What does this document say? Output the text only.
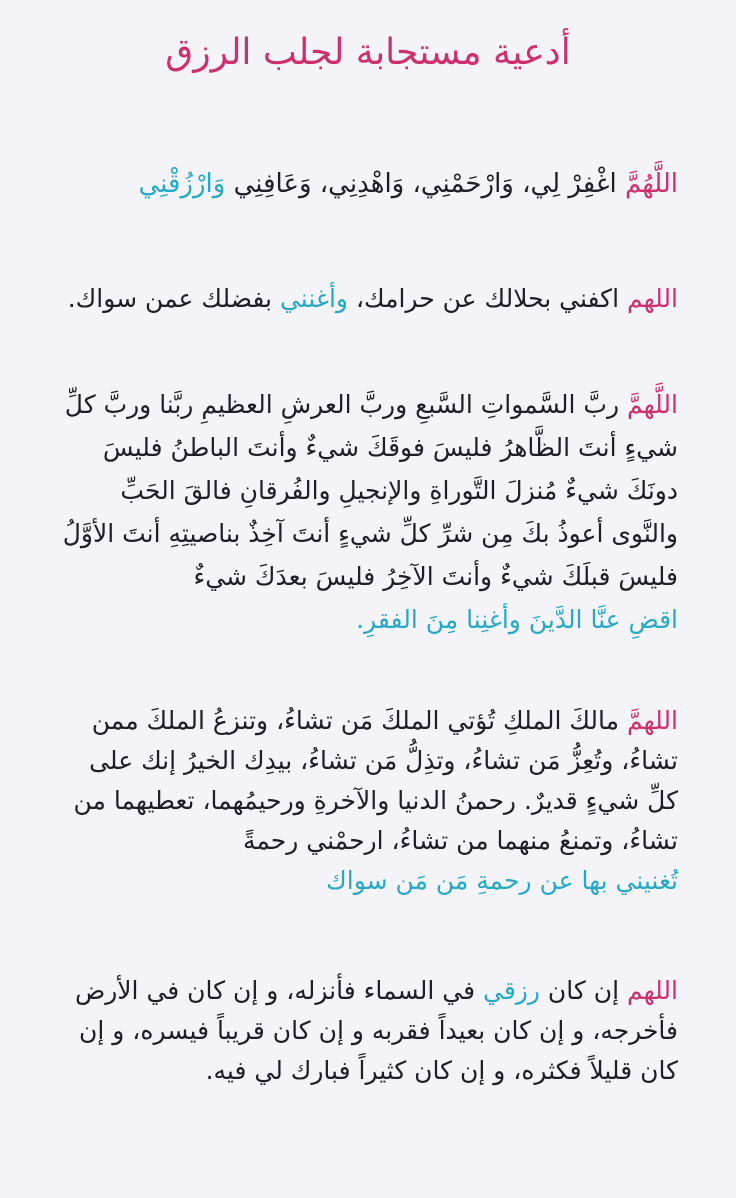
أدعية مستجابة لجلب الرزق

اللَّهُمَّ اغْفِرْ لِي، وَارْحَمْنِي، وَاهْدِنِي، وَعَافِنِي وَارْزُقْنِي

اللهم اكفني بحلالك عن حرامك، وأغنني بفضلك عمن سواك.

اللَّهمَّ ربَّ السَّمواتِ السَّبعِ وربَّ العرشِ العظيمِ ربَّنا وربَّ كلِّ شيءٍ أنتَ الظَّاهرُ فليسَ فوقَكَ شيءٌ وأنتَ الباطنُ فليسَ دونَكَ شيءٌ مُنزلَ التَّوراةِ والإنجيلِ والفُرقانِ فالقَ الحَبِّ والنَّوى أعوذُ بكَ مِن شرِّ كلِّ شيءٍ أنتَ آخِذٌ بناصيتِهِ أنتَ الأوَّلُ فليسَ قبلَكَ شيءٌ وأنتَ الآخِرُ فليسَ بعدَكَ شيءٌ
اقضِ عنَّا الدَّينَ وأغنِنا مِنَ الفقرِ.

اللهمَّ مالكَ الملكِ تُؤتي الملكَ مَن تشاءُ، وتنزعُ الملكَ ممن تشاءُ، وتُعِزُّ مَن تشاءُ، وتذِلُّ مَن تشاءُ، بيدِك الخيرُ إنك على كلِّ شيءٍ قديرٌ. رحمنُ الدنيا والآخرةِ ورحيمُهما، تعطيهما من تشاءُ، وتمنعُ منهما من تشاءُ، ارحمْني رحمةً
تُغنيني بها عن رحمةِ مَن مَن سواك

اللهم إن كان رزقي في السماء فأنزله، و إن كان في الأرض فأخرجه، و إن كان بعيداً فقربه و إن كان قريباً فيسره، و إن كان قليلاً فكثره، و إن كان كثيراً فبارك لي فيه.
